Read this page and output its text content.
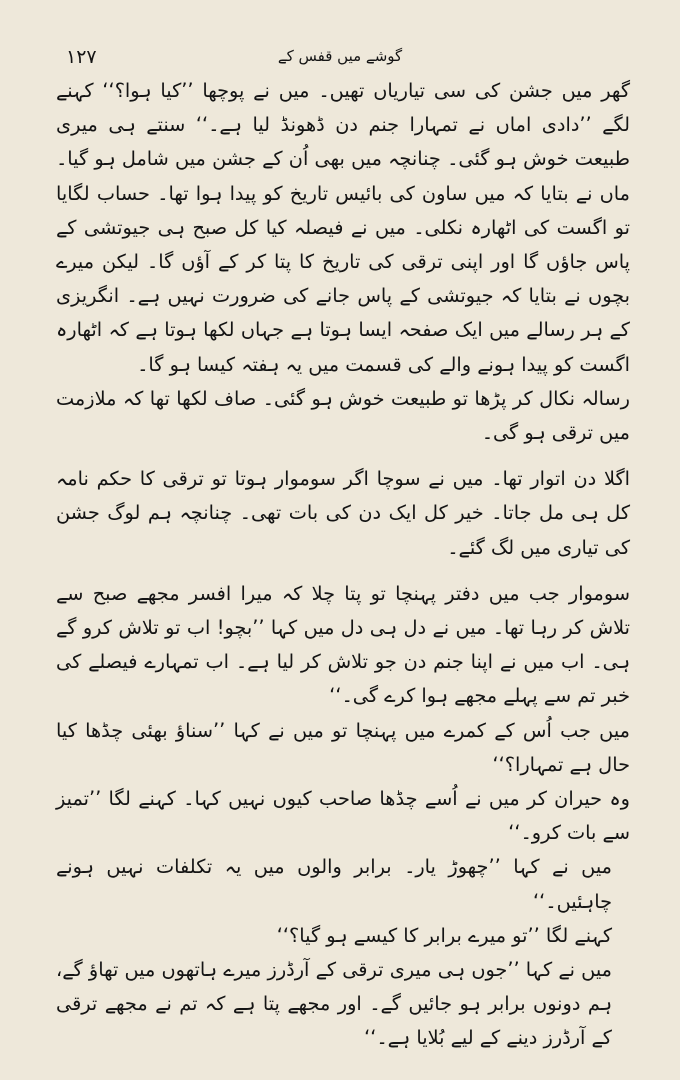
۱۲۷	گوشے میں قفس کے

گھر میں جشن کی سی تیاریاں تھیں۔ میں نے پوچھا ’’کیا ہوا؟‘‘ کہنے لگے ’’دادی اماں نے تمہارا جنم دن ڈھونڈ لیا ہے۔‘‘ سنتے ہی میری طبیعت خوش ہو گئی۔ چنانچہ میں بھی اُن کے جشن میں شامل ہو گیا۔ ماں نے بتایا کہ میں ساون کی بائیس تاریخ کو پیدا ہوا تھا۔ حساب لگایا تو اگست کی اٹھارہ نکلی۔ میں نے فیصلہ کیا کل صبح ہی جیوتشی کے پاس جاؤں گا اور اپنی ترقی کی تاریخ کا پتا کر کے آؤں گا۔ لیکن میرے بچوں نے بتایا کہ جیوتشی کے پاس جانے کی ضرورت نہیں ہے۔ انگریزی کے ہر رسالے میں ایک صفحہ ایسا ہوتا ہے جہاں لکھا ہوتا ہے کہ اٹھارہ اگست کو پیدا ہونے والے کی قسمت میں یہ ہفتہ کیسا ہو گا۔

رسالہ نکال کر پڑھا تو طبیعت خوش ہو گئی۔ صاف لکھا تھا کہ ملازمت میں ترقی ہو گی۔

اگلا دن اتوار تھا۔ میں نے سوچا اگر سوموار ہوتا تو ترقی کا حکم نامہ کل ہی مل جاتا۔ خیر کل ایک دن کی بات تھی۔ چنانچہ ہم لوگ جشن کی تیاری میں لگ گئے۔

سوموار جب میں دفتر پہنچا تو پتا چلا کہ میرا افسر مجھے صبح سے تلاش کر رہا تھا۔ میں نے دل ہی دل میں کہا ’’بچو! اب تو تلاش کرو گے ہی۔ اب میں نے اپنا جنم دن جو تلاش کر لیا ہے۔ اب تمہارے فیصلے کی خبر تم سے پہلے مجھے ہوا کرے گی۔‘‘

میں جب اُس کے کمرے میں پہنچا تو میں نے کہا ’’سناؤ بھئی چڈھا کیا حال ہے تمہارا؟‘‘

وہ حیران کر میں نے اُسے چڈھا صاحب کیوں نہیں کہا۔ کہنے لگا ’’تمیز سے بات کرو۔‘‘

میں نے کہا ’’چھوڑ یار۔ برابر والوں میں یہ تکلفات نہیں ہونے چاہئیں۔‘‘

کہنے لگا ’’تو میرے برابر کا کیسے ہو گیا؟‘‘

میں نے کہا ’’جوں ہی میری ترقی کے آرڈرز میرے ہاتھوں میں تھاؤ گے، ہم دونوں برابر ہو جائیں گے۔ اور مجھے پتا ہے کہ تم نے مجھے ترقی کے آرڈرز دینے کے لیے بُلایا ہے۔‘‘
